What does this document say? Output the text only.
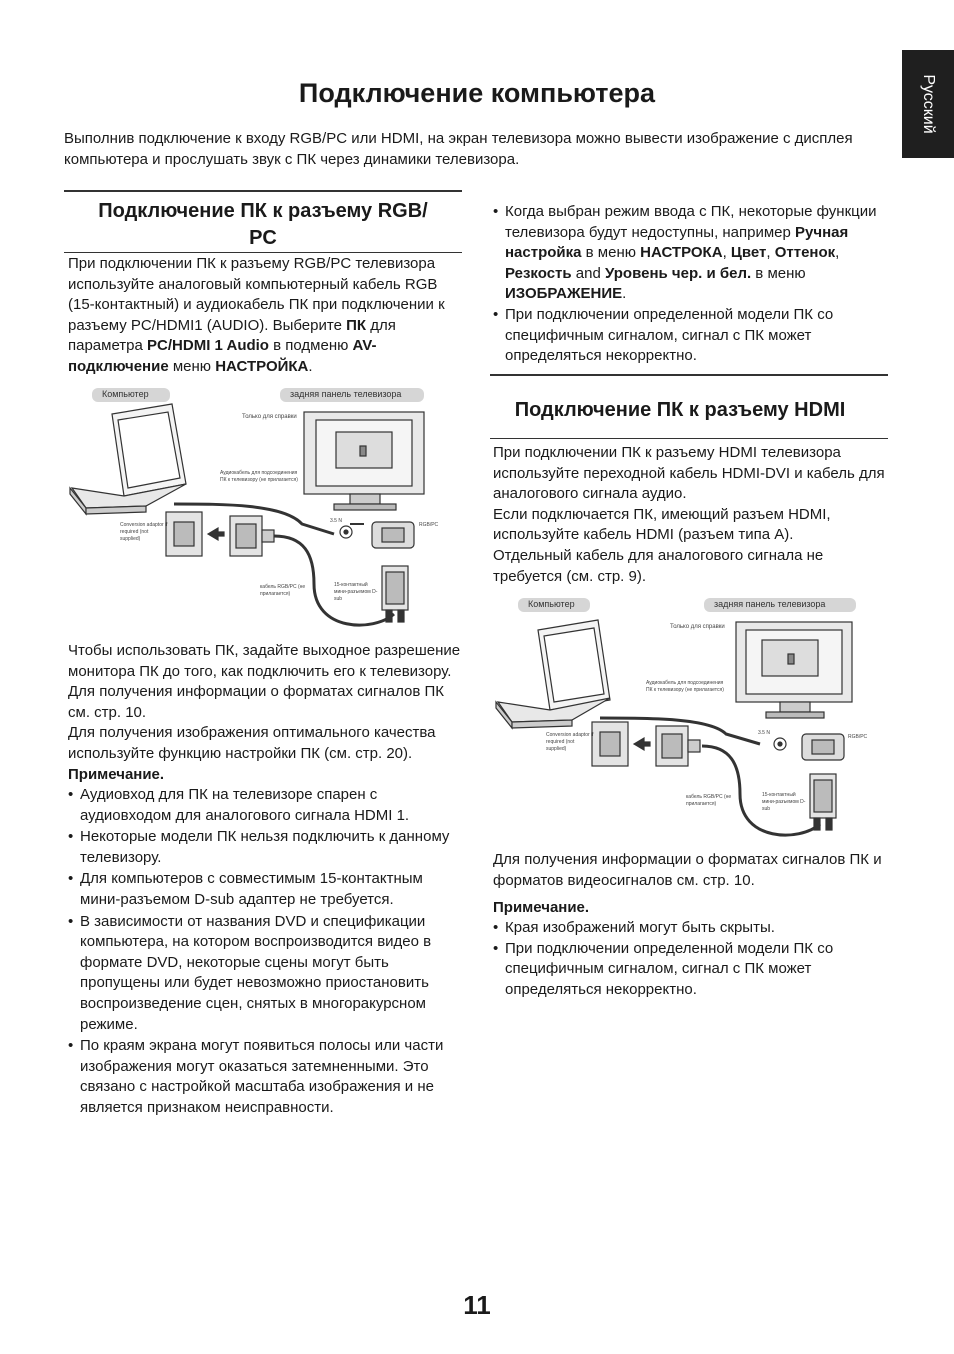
Русский
Подключение компьютера
Выполнив подключение к входу RGB/PC или HDMI, на экран телевизора можно вывести изображение с дисплея компьютера и прослушать звук с ПК через динамики телевизора.
Подключение ПК к разъему RGB/
PC
При подключении ПК к разъему RGB/PC телевизора используйте аналоговый компьютерный кабель RGB (15-контактный) и аудиокабель ПК при подключении к разъему PC/HDMI1 (AUDIO). Выберите ПК для параметра PC/HDMI 1 Audio в подменю AV-подключение меню НАСТРОЙКА.
Компьютер	задняя панель телевизора
Только для справки
Аудиокабель для подсоединения ПК к телевизору (не прилагается)
Conversion adaptor if required (not supplied)
кабель RGB/PC (не прилагается)
15-контактный мини-разъемом D-sub
RGB/PC
3.5 N
Чтобы использовать ПК, задайте выходное разрешение монитора ПК до того, как подключить его к телевизору. Для получения информации о форматах сигналов ПК см. стр. 10.
Для получения изображения оптимального качества используйте функцию настройки ПК (см. стр. 20).
Примечание.
• Аудиовход для ПК на телевизоре спарен с аудиовходом для аналогового сигнала HDMI 1.
• Некоторые модели ПК нельзя подключить к данному телевизору.
• Для компьютеров с совместимым 15-контактным мини-разъемом D-sub адаптер не требуется.
• В зависимости от названия DVD и спецификации компьютера, на котором воспроизводится видео в формате DVD, некоторые сцены могут быть пропущены или будет невозможно приостановить воспроизведение сцен, снятых в многоракурсном режиме.
• По краям экрана могут появиться полосы или части изображения могут оказаться затемненными. Это связано с настройкой масштаба изображения и не является признаком неисправности.
• Когда выбран режим ввода с ПК, некоторые функции телевизора будут недоступны, например Ручная настройка в меню НАСТРОКА, Цвет, Оттенок, Резкость and Уровень чер. и бел. в меню ИЗОБРАЖЕНИЕ.
• При подключении определенной модели ПК со специфичным сигналом, сигнал с ПК может определяться некорректно.
Подключение ПК к разъему HDMI
При подключении ПК к разъему HDMI телевизора используйте переходной кабель HDMI-DVI и кабель для аналогового сигнала аудио.
Если подключается ПК, имеющий разъем HDMI, используйте кабель HDMI (разъем типа A).
Отдельный кабель для аналогового сигнала не требуется (см. стр. 9).
Компьютер	задняя панель телевизора
Только для справки
Аудиокабель для подсоединения ПК к телевизору (не прилагается)
Conversion adaptor if required (not supplied)
кабель RGB/PC (не прилагается)
15-контактный мини-разъемом D-sub
RGB/PC
3.5 N
Для получения информации о форматах сигналов ПК и форматов видеосигналов см. стр. 10.
Примечание.
• Края изображений могут быть скрыты.
• При подключении определенной модели ПК со специфичным сигналом, сигнал с ПК может определяться некорректно.
11
